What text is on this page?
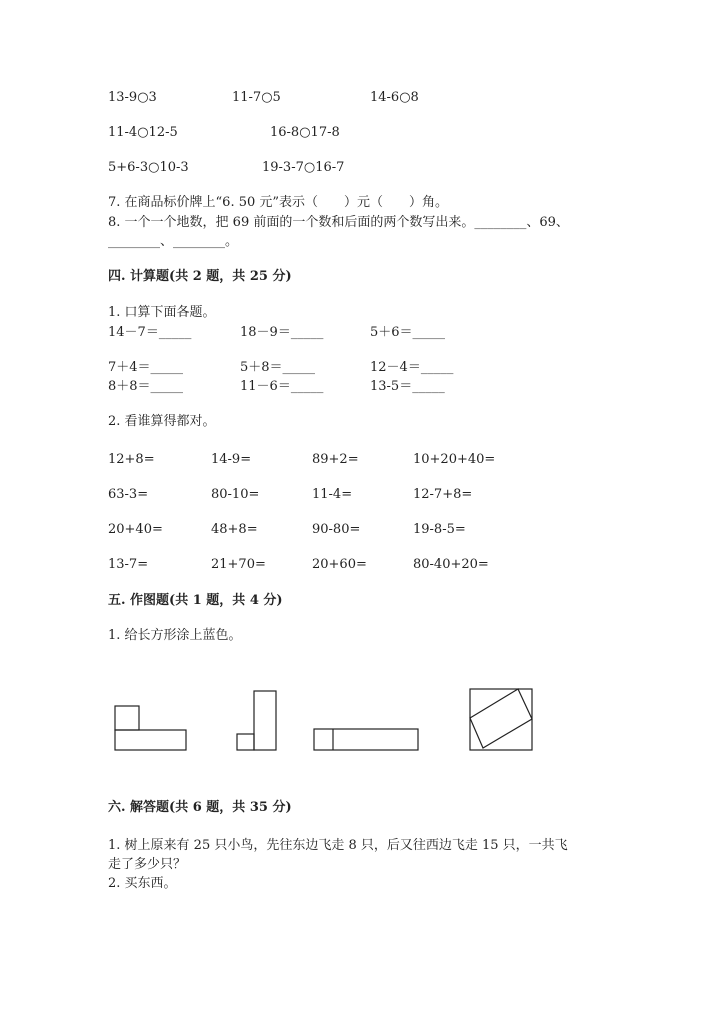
13-9○3	11-7○5	14-6○8
11-4○12-5	16-8○17-8
5+6-3○10-3	19-3-7○16-7
7. 在商品标价牌上“6. 50 元”表示（　　）元（　　）角。
8. 一个一个地数，把 69 前面的一个数和后面的两个数写出来。________、69、
________、________。
四. 计算题(共 2 题，共 25 分)
1. 口算下面各题。
14－7＝_____	18－9＝_____	5＋6＝_____
7＋4＝_____	5＋8＝_____	12－4＝_____
8＋8＝_____	11－6＝_____	13-5＝_____
2. 看谁算得都对。
12+8=	14-9=	89+2=	10+20+40=
63-3=	80-10=	11-4=	12-7+8=
20+40=	48+8=	90-80=	19-8-5=
13-7=	21+70=	20+60=	80-40+20=
五. 作图题(共 1 题，共 4 分)
1. 给长方形涂上蓝色。
六. 解答题(共 6 题，共 35 分)
1. 树上原来有 25 只小鸟，先往东边飞走 8 只，后又往西边飞走 15 只，一共飞
走了多少只？
2. 买东西。
